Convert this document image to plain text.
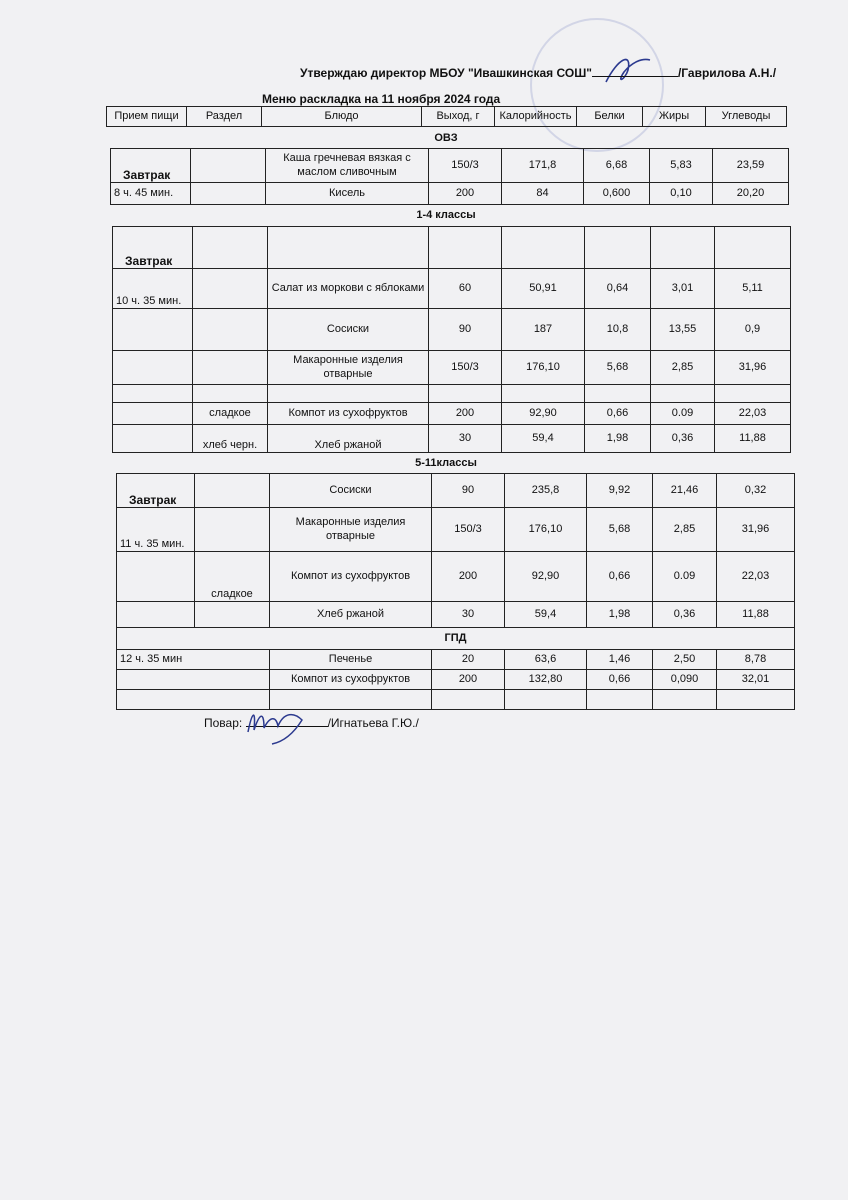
Утверждаю директор МБОУ "Ивашкинская СОШ"	/Гаврилова А.Н./
Меню раскладка на 11 ноября 2024 года
Прием пищи	Раздел	Блюдо	Выход, г	Калорийность	Белки	Жиры	Углеводы
ОВЗ
Завтрак		Каша гречневая вязкая с маслом сливочным	150/3	171,8	6,68	5,83	23,59
8 ч. 45 мин.		Кисель	200	84	0,600	0,10	20,20
1-4 классы
Завтрак							
10 ч. 35 мин.		Салат из моркови с яблоками	60	50,91	0,64	3,01	5,11
		Сосиски	90	187	10,8	13,55	0,9
		Макаронные изделия отварные	150/3	176,10	5,68	2,85	31,96

	сладкое	Компот из сухофруктов	200	92,90	0,66	0.09	22,03
	хлеб черн.	Хлеб ржаной	30	59,4	1,98	0,36	11,88
5-11классы
Завтрак		Сосиски	90	235,8	9,92	21,46	0,32
11 ч. 35 мин.		Макаронные изделия отварные	150/3	176,10	5,68	2,85	31,96
	сладкое	Компот из сухофруктов	200	92,90	0,66	0.09	22,03
		Хлеб ржаной	30	59,4	1,98	0,36	11,88
ГПД							
12 ч. 35 мин		Печенье	20	63,6	1,46	2,50	8,78
		Компот из сухофруктов	200	132,80	0,66	0,090	32,01

Повар:	/Игнатьева Г.Ю./
